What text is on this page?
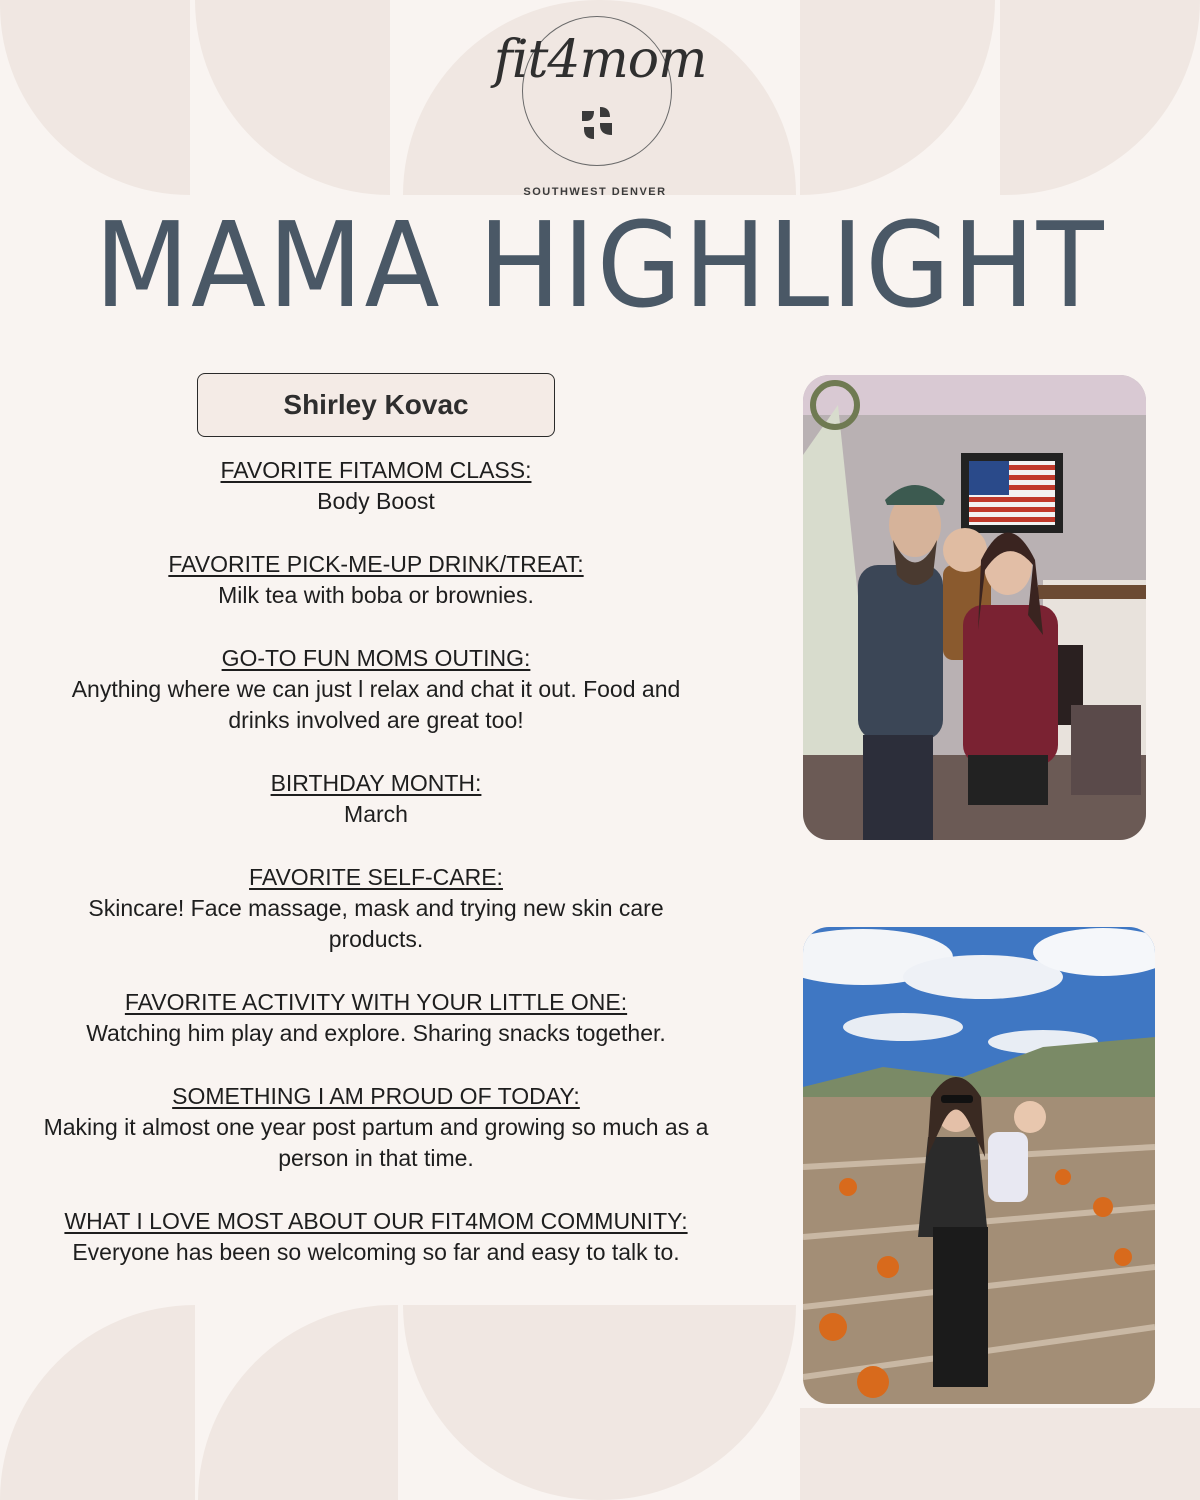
fit4mom
SOUTHWEST DENVER
MAMA HIGHLIGHT
Shirley Kovac
FAVORITE FITAMOM CLASS:
Body Boost
FAVORITE PICK-ME-UP DRINK/TREAT:
Milk tea with boba or brownies.
GO-TO FUN MOMS OUTING:
Anything where we can just l relax and chat it out. Food and drinks involved are great too!
BIRTHDAY MONTH:
March
FAVORITE SELF-CARE:
Skincare! Face massage, mask and trying new skin care products.
FAVORITE ACTIVITY WITH YOUR LITTLE ONE:
Watching him play and explore. Sharing snacks together.
SOMETHING I AM PROUD OF TODAY:
Making it almost one year post partum and growing so much as a person in that time.
WHAT I LOVE MOST ABOUT OUR FIT4MOM COMMUNITY:
Everyone has been so welcoming so far and easy to talk to.
